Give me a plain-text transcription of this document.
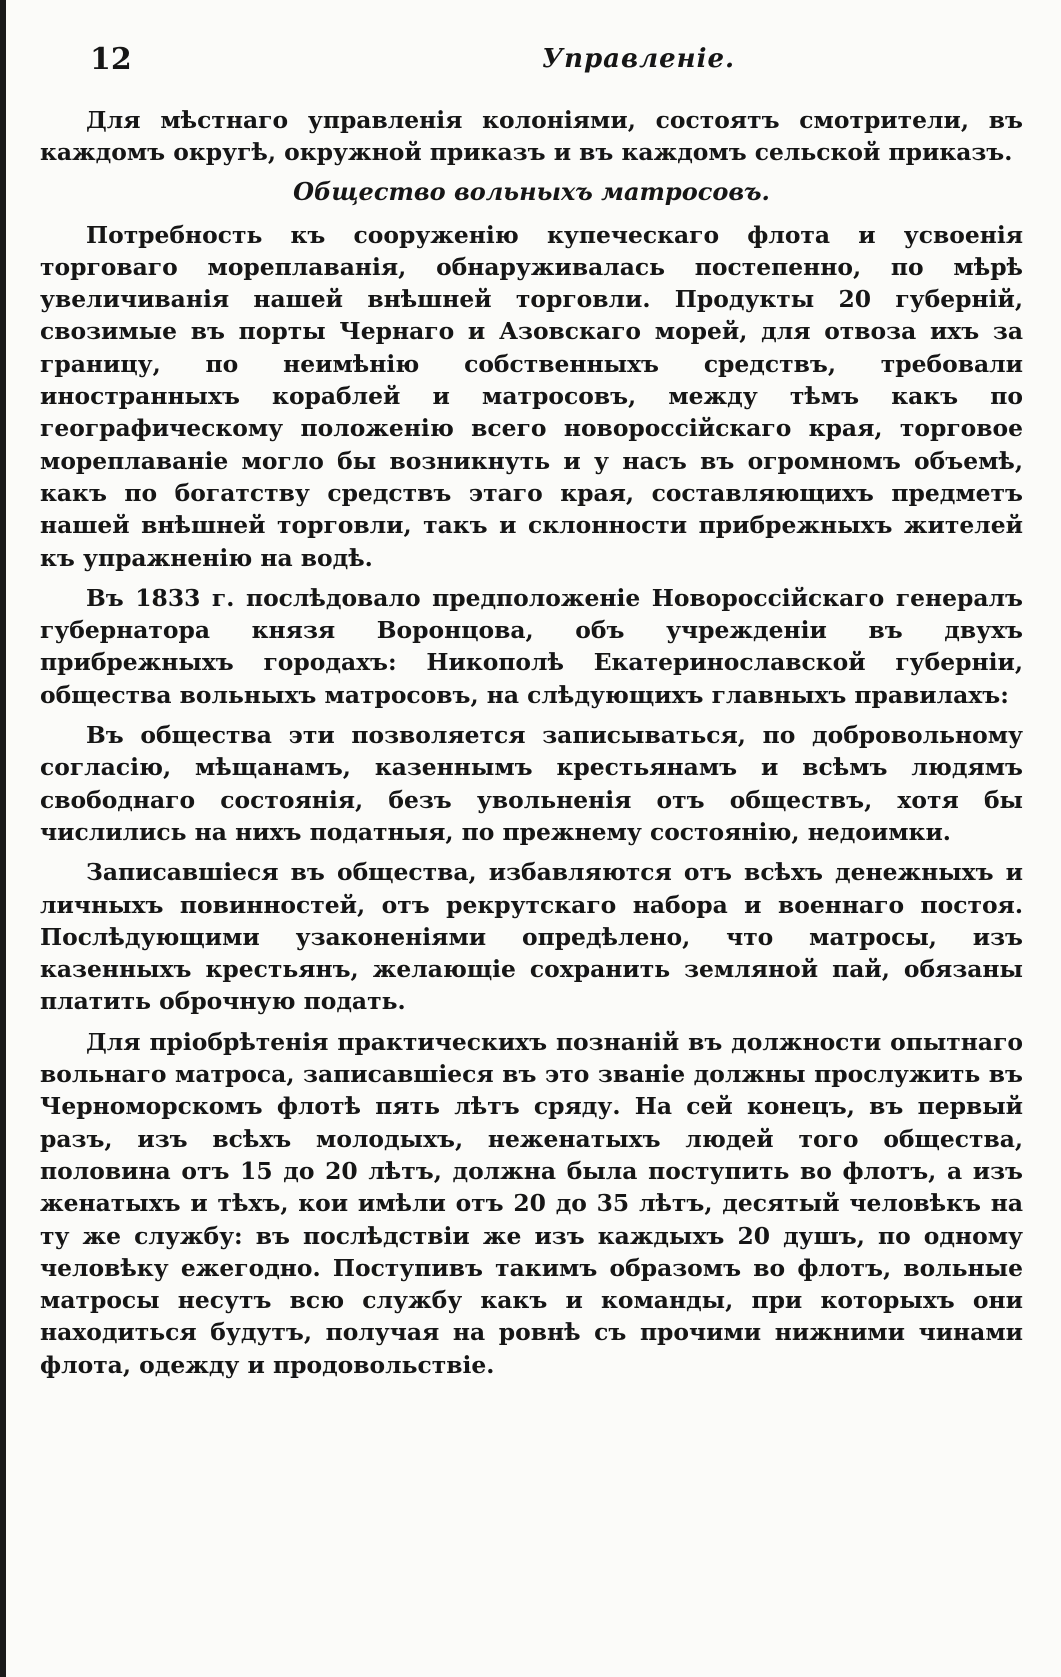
12	Управленіе.

Для мѣстнаго управленія колоніями, состоятъ смотрители, въ каждомъ округѣ, окружной приказъ и въ каждомъ сельской приказъ.

Общество вольныхъ матросовъ.

Потребность къ сооруженію купеческаго флота и усвоенія торговаго мореплаванія, обнаруживалась постепенно, по мѣрѣ увеличиванія нашей внѣшней торговли. Продукты 20 губерній, свозимые въ порты Чернаго и Азовскаго морей, для отвоза ихъ за границу, по неимѣнію собственныхъ средствъ, требовали иностранныхъ кораблей и матросовъ, между тѣмъ какъ по географическому положенію всего новороссійскаго края, торговое мореплаваніе могло бы возникнуть и у насъ въ огромномъ объемѣ, какъ по богатству средствъ этаго края, составляющихъ предметъ нашей внѣшней торговли, такъ и склонности прибрежныхъ жителей къ упражненію на водѣ.

Въ 1833 г. послѣдовало предположеніе Новороссійскаго генералъ губернатора князя Воронцова, объ учрежденіи въ двухъ прибрежныхъ городахъ: Никополѣ Екатеринославской губерніи, общества вольныхъ матросовъ, на слѣдующихъ главныхъ правилахъ:

Въ общества эти позволяется записываться, по добровольному согласію, мѣщанамъ, казеннымъ крестьянамъ и всѣмъ людямъ свободнаго состоянія, безъ увольненія отъ обществъ, хотя бы числились на нихъ податныя, по прежнему состоянію, недоимки.

Записавшіеся въ общества, избавляются отъ всѣхъ денежныхъ и личныхъ повинностей, отъ рекрутскаго набора и военнаго постоя. Послѣдующими узаконеніями опредѣлено, что матросы, изъ казенныхъ крестьянъ, желающіе сохранить земляной пай, обязаны платить оброчную подать.

Для пріобрѣтенія практическихъ познаній въ должности опытнаго вольнаго матроса, записавшіеся въ это званіе должны прослужить въ Черноморскомъ флотѣ пять лѣтъ сряду. На сей конецъ, въ первый разъ, изъ всѣхъ молодыхъ, неженатыхъ людей того общества, половина отъ 15 до 20 лѣтъ, должна была поступить во флотъ, а изъ женатыхъ и тѣхъ, кои имѣли отъ 20 до 35 лѣтъ, десятый человѣкъ на ту же службу: въ послѣдствіи же изъ каждыхъ 20 душъ, по одному человѣку ежегодно. Поступивъ такимъ образомъ во флотъ, вольные матросы несутъ всю службу какъ и команды, при которыхъ они находиться будутъ, получая на ровнѣ съ прочими нижними чинами флота, одежду и продовольствіе.
